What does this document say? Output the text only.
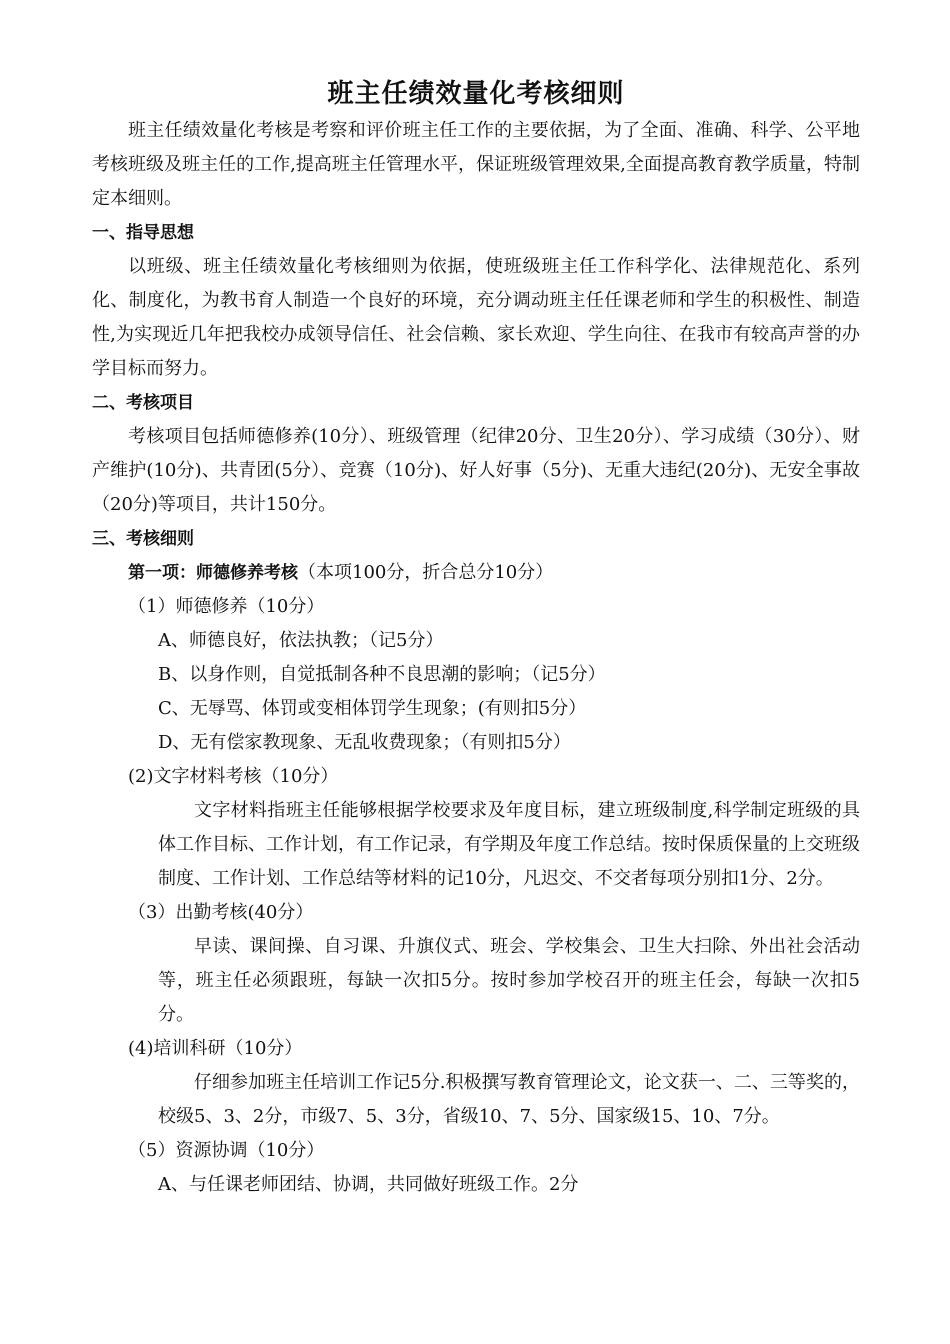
班主任绩效量化考核细则

班主任绩效量化考核是考察和评价班主任工作的主要依据，为了全面、准确、科学、公平地考核班级及班主任的工作,提高班主任管理水平，保证班级管理效果,全面提高教育教学质量，特制定本细则。

一、指导思想

以班级、班主任绩效量化考核细则为依据，使班级班主任工作科学化、法律规范化、系列化、制度化，为教书育人制造一个良好的环境，充分调动班主任任课老师和学生的积极性、制造性,为实现近几年把我校办成领导信任、社会信赖、家长欢迎、学生向往、在我市有较高声誉的办学目标而努力。

二、考核项目

考核项目包括师德修养(10分）、班级管理（纪律20分、卫生20分）、学习成绩（30分）、财产维护(10分)、共青团(5分）、竞赛（10分)、好人好事（5分)、无重大违纪(20分)、无安全事故（20分)等项目，共计150分。

三、考核细则

第一项：师德修养考核（本项100分，折合总分10分）

（1）师德修养（10分）

A、师德良好，依法执教；（记5分）

B、以身作则，自觉抵制各种不良思潮的影响；（记5分）

C、无辱骂、体罚或变相体罚学生现象；(有则扣5分）

D、无有偿家教现象、无乱收费现象；（有则扣5分）

(2)文字材料考核（10分）

文字材料指班主任能够根据学校要求及年度目标，建立班级制度,科学制定班级的具体工作目标、工作计划，有工作记录，有学期及年度工作总结。按时保质保量的上交班级制度、工作计划、工作总结等材料的记10分，凡迟交、不交者每项分别扣1分、2分。

（3）出勤考核(40分）

早读、课间操、自习课、升旗仪式、班会、学校集会、卫生大扫除、外出社会活动等，班主任必须跟班，每缺一次扣5分。按时参加学校召开的班主任会，每缺一次扣5分。

(4)培训科研（10分）

仔细参加班主任培训工作记5分.积极撰写教育管理论文，论文获一、二、三等奖的，校级5、3、2分，市级7、5、3分，省级10、7、5分、国家级15、10、7分。

（5）资源协调（10分）

A、与任课老师团结、协调，共同做好班级工作。2分
